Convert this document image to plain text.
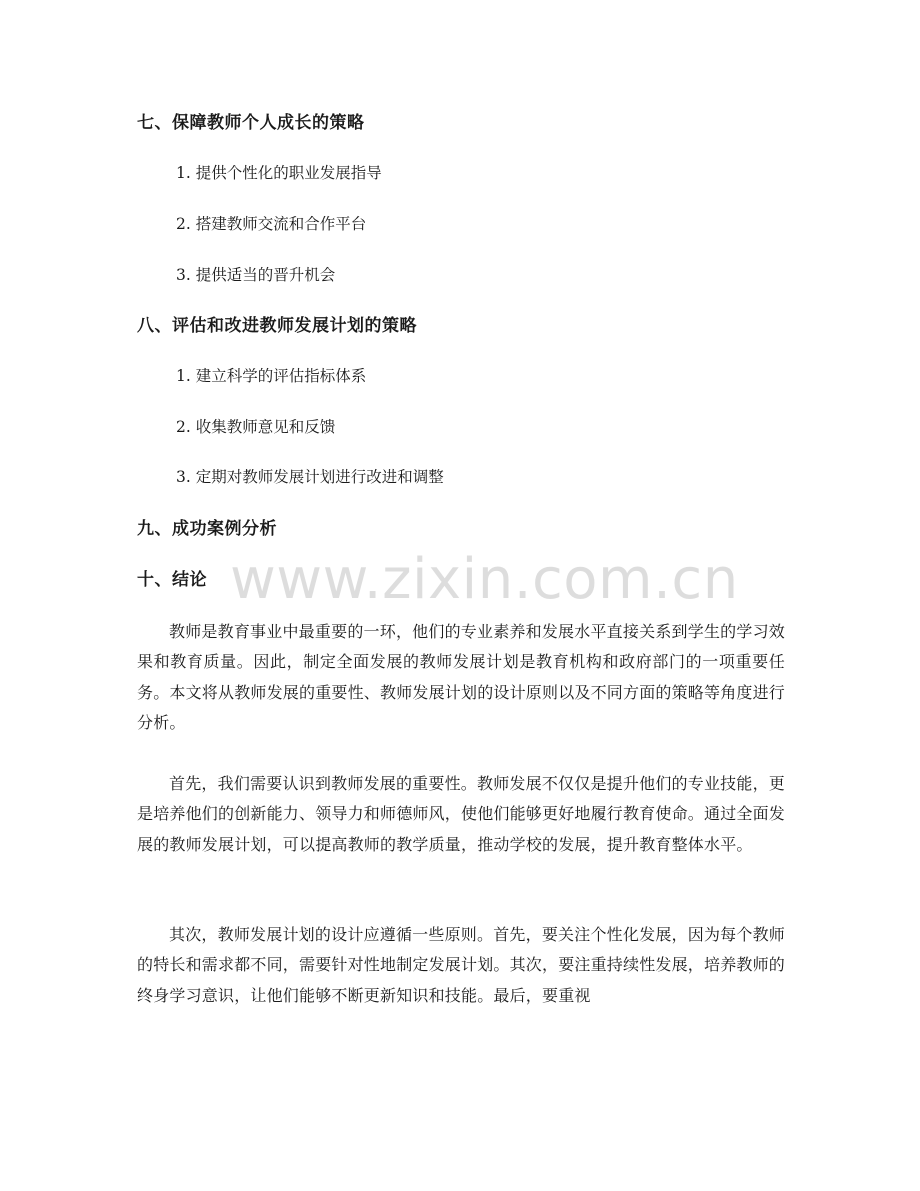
七、保障教师个人成长的策略
1. 提供个性化的职业发展指导
2. 搭建教师交流和合作平台
3. 提供适当的晋升机会
八、评估和改进教师发展计划的策略
1. 建立科学的评估指标体系
2. 收集教师意见和反馈
3. 定期对教师发展计划进行改进和调整
九、成功案例分析
十、结论 www.zixin.com.cn
教师是教育事业中最重要的一环，他们的专业素养和发展水平直接关系到学生的学习效果和教育质量。因此，制定全面发展的教师发展计划是教育机构和政府部门的一项重要任务。本文将从教师发展的重要性、教师发展计划的设计原则以及不同方面的策略等角度进行分析。
首先，我们需要认识到教师发展的重要性。教师发展不仅仅是提升他们的专业技能，更是培养他们的创新能力、领导力和师德师风，使他们能够更好地履行教育使命。通过全面发展的教师发展计划，可以提高教师的教学质量，推动学校的发展，提升教育整体水平。
其次，教师发展计划的设计应遵循一些原则。首先，要关注个性化发展，因为每个教师的特长和需求都不同，需要针对性地制定发展计划。其次，要注重持续性发展，培养教师的终身学习意识，让他们能够不断更新知识和技能。最后，要重视
